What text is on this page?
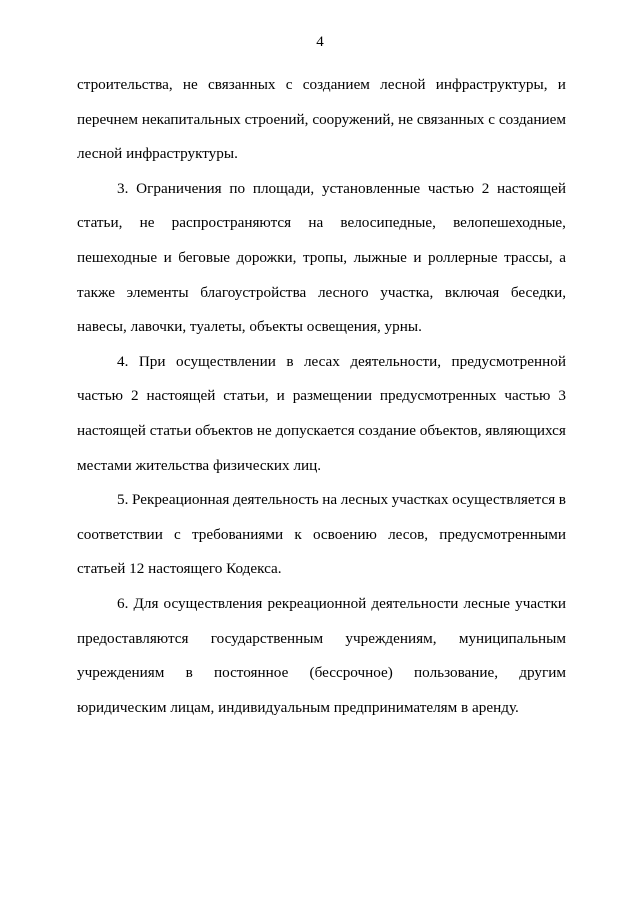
4
строительства, не связанных с созданием лесной инфраструктуры, и
перечнем некапитальных строений, сооружений, не связанных с созданием
лесной инфраструктуры.
3. Ограничения по площади, установленные частью 2 настоящей
статьи, не распространяются на велосипедные, велопешеходные,
пешеходные и беговые дорожки, тропы, лыжные и роллерные трассы, а
также элементы благоустройства лесного участка, включая беседки,
навесы, лавочки, туалеты, объекты освещения, урны.
4. При осуществлении в лесах деятельности, предусмотренной
частью 2 настоящей статьи, и размещении предусмотренных частью 3
настоящей статьи объектов не допускается создание объектов, являющихся
местами жительства физических лиц.
5. Рекреационная деятельность на лесных участках осуществляется в
соответствии с требованиями к освоению лесов, предусмотренными
статьей 12 настоящего Кодекса.
6. Для осуществления рекреационной деятельности лесные участки
предоставляются государственным учреждениям, муниципальным
учреждениям в постоянное (бессрочное) пользование, другим
юридическим лицам, индивидуальным предпринимателям в аренду.
